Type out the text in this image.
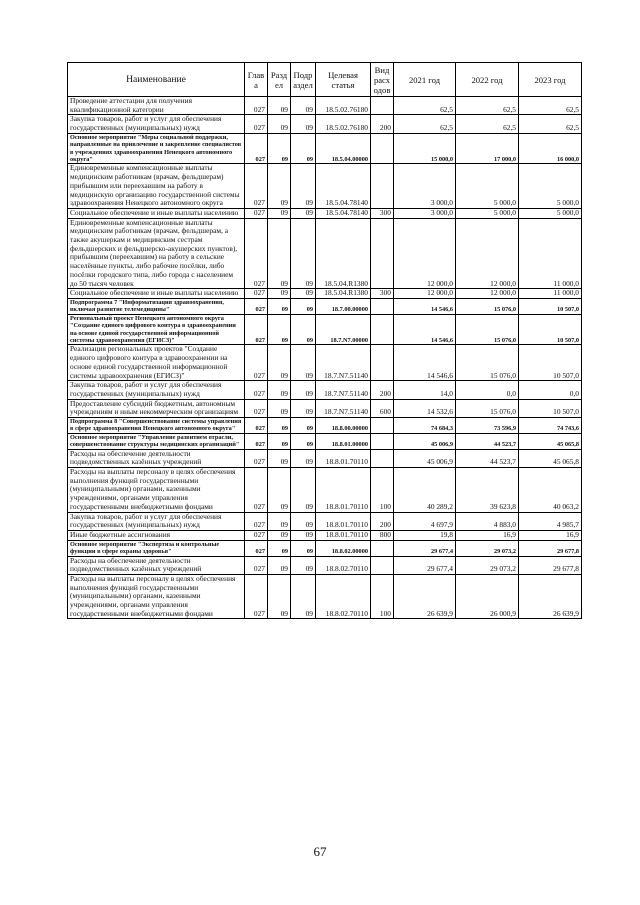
Наименование	Глав а	Разд ел	Подр аздел	Целевая статья	Вид расх одов	2021 год	2022 год	2023 год
Проведение аттестации для получения квалификационной категории	027	09	09	18.5.02.76180		62,5	62,5	62,5
Закупка товаров, работ и услуг для обеспечения государственных (муниципальных) нужд	027	09	09	18.5.02.76180	200	62,5	62,5	62,5
Основное мероприятие "Меры социальной поддержки, направленные на привлечение и закрепление специалистов в учреждениях здравоохранения Ненецкого автономного округа"	027	09	09	18.5.04.00000		15 000,0	17 000,0	16 000,0
Единовременные компенсационные выплаты медицинским работникам (врачам, фельдшерам) прибывшим или переехавшим на работу в медицинскую организацию государственной системы здравоохранения Ненецкого автономного округа	027	09	09	18.5.04.78140		3 000,0	5 000,0	5 000,0
Социальное обеспечение и иные выплаты населению	027	09	09	18.5.04.78140	300	3 000,0	5 000,0	5 000,0
Единовременные компенсационные выплаты медицинским работникам (врачам, фельдшерам, а также акушеркам и медицинским сестрам фельдшерских и фельдшерско-акушерских пунктов), прибывшим (переехавшим) на работу в сельские населённые пункты, либо рабочие посёлки, либо посёлки городского типа, либо города с населением до 50 тысяч человек	027	09	09	18.5.04.R1380		12 000,0	12 000,0	11 000,0
Социальное обеспечение и иные выплаты населению	027	09	09	18.5.04.R1380	300	12 000,0	12 000,0	11 000,0
Подпрограмма 7 "Информатизация здравоохранения, включая развитие телемедицины"	027	09	09	18.7.00.00000		14 546,6	15 076,0	10 507,0
Региональный проект Ненецкого автономного округа "Создание единого цифрового контура в здравоохранении на основе единой государственной информационной системы здравоохранения (ЕГИСЗ)"	027	09	09	18.7.N7.00000		14 546,6	15 076,0	10 507,0
Реализация региональных проектов "Создание единого цифрового контура в здравоохранении на основе единой государственной информационной системы здравоохранения (ЕГИСЗ)"	027	09	09	18.7.N7.51140		14 546,6	15 076,0	10 507,0
Закупка товаров, работ и услуг для обеспечения государственных (муниципальных) нужд	027	09	09	18.7.N7.51140	200	14,0	0,0	0,0
Предоставление субсидий бюджетным, автономным учреждениям и иным некоммерческим организациям	027	09	09	18.7.N7.51140	600	14 532,6	15 076,0	10 507,0
Подпрограмма 8 "Совершенствование системы управления в сфере здравоохранения Ненецкого автономного округа"	027	09	09	18.8.00.00000		74 684,3	73 596,9	74 743,6
Основное мероприятие "Управление развитием отрасли, совершенствование структуры медицинских организаций"	027	09	09	18.8.01.00000		45 006,9	44 523,7	45 065,8
Расходы на обеспечение деятельности подведомственных казённых учреждений	027	09	09	18.8.01.70110		45 006,9	44 523,7	45 065,8
Расходы на выплаты персоналу в целях обеспечения выполнения функций государственными (муниципальными) органами, казенными учреждениями, органами управления государственными внебюджетными фондами	027	09	09	18.8.01.70110	100	40 289,2	39 623,8	40 063,2
Закупка товаров, работ и услуг для обеспечения государственных (муниципальных) нужд	027	09	09	18.8.01.70110	200	4 697,9	4 883,0	4 985,7
Иные бюджетные ассигнования	027	09	09	18.8.01.70110	800	19,8	16,9	16,9
Основное мероприятие "Экспертиза и контрольные функции в сфере охраны здоровья"	027	09	09	18.8.02.00000		29 677,4	29 073,2	29 677,8
Расходы на обеспечение деятельности подведомственных казённых учреждений	027	09	09	18.8.02.70110		29 677,4	29 073,2	29 677,8
Расходы на выплаты персоналу в целях обеспечения выполнения функций государственными (муниципальными) органами, казенными учреждениями, органами управления государственными внебюджетными фондами	027	09	09	18.8.02.70110	100	26 639,9	26 000,9	26 639,9
67
